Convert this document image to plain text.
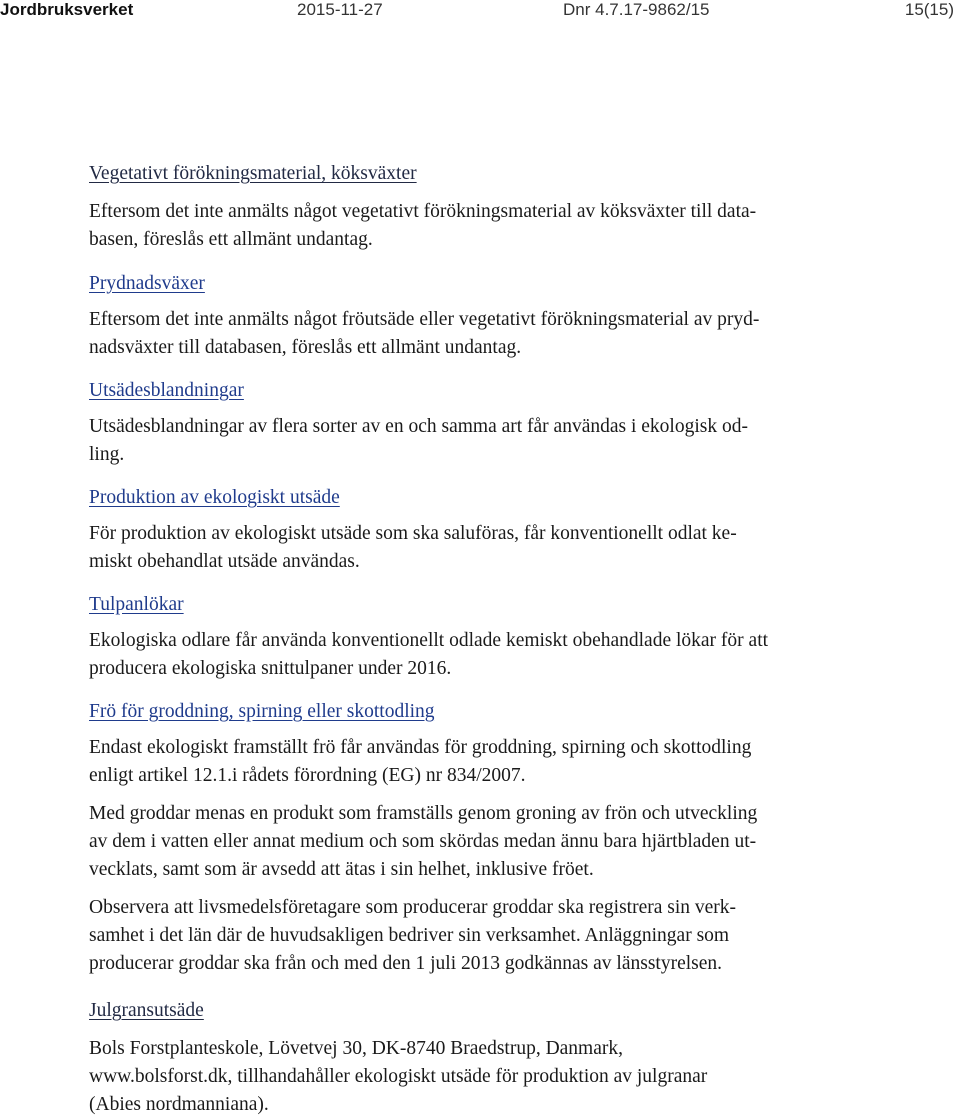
Jordbruksverket	2015-11-27	Dnr 4.7.17-9862/15	15(15)

Vegetativt förökningsmaterial, köksväxter

Eftersom det inte anmälts något vegetativt förökningsmaterial av köksväxter till data-

basen, föreslås ett allmänt undantag.

Prydnadsväxer

Eftersom det inte anmälts något fröutsäde eller vegetativt förökningsmaterial av pryd-

nadsväxter till databasen, föreslås ett allmänt undantag.

Utsädesblandningar

Utsädesblandningar av flera sorter av en och samma art får användas i ekologisk od-

ling.

Produktion av ekologiskt utsäde

För produktion av ekologiskt utsäde som ska saluföras, får konventionellt odlat ke-

miskt obehandlat utsäde användas.

Tulpanlökar

Ekologiska odlare får använda konventionellt odlade kemiskt obehandlade lökar för att

producera ekologiska snittulpaner under 2016.

Frö för groddning, spirning eller skottodling

Endast ekologiskt framställt frö får användas för groddning, spirning och skottodling

enligt artikel 12.1.i rådets förordning (EG) nr 834/2007.

Med groddar menas en produkt som framställs genom groning av frön och utveckling

av dem i vatten eller annat medium och som skördas medan ännu bara hjärtbladen ut-

vecklats, samt som är avsedd att ätas i sin helhet, inklusive fröet.

Observera att livsmedelsföretagare som producerar groddar ska registrera sin verk-

samhet i det län där de huvudsakligen bedriver sin verksamhet. Anläggningar som

producerar groddar ska från och med den 1 juli 2013 godkännas av länsstyrelsen.

Julgransutsäde

Bols Forstplanteskole, Lövetvej 30, DK-8740 Braedstrup, Danmark,

www.bolsforst.dk, tillhandahåller ekologiskt utsäde för produktion av julgranar

(Abies nordmanniana).
